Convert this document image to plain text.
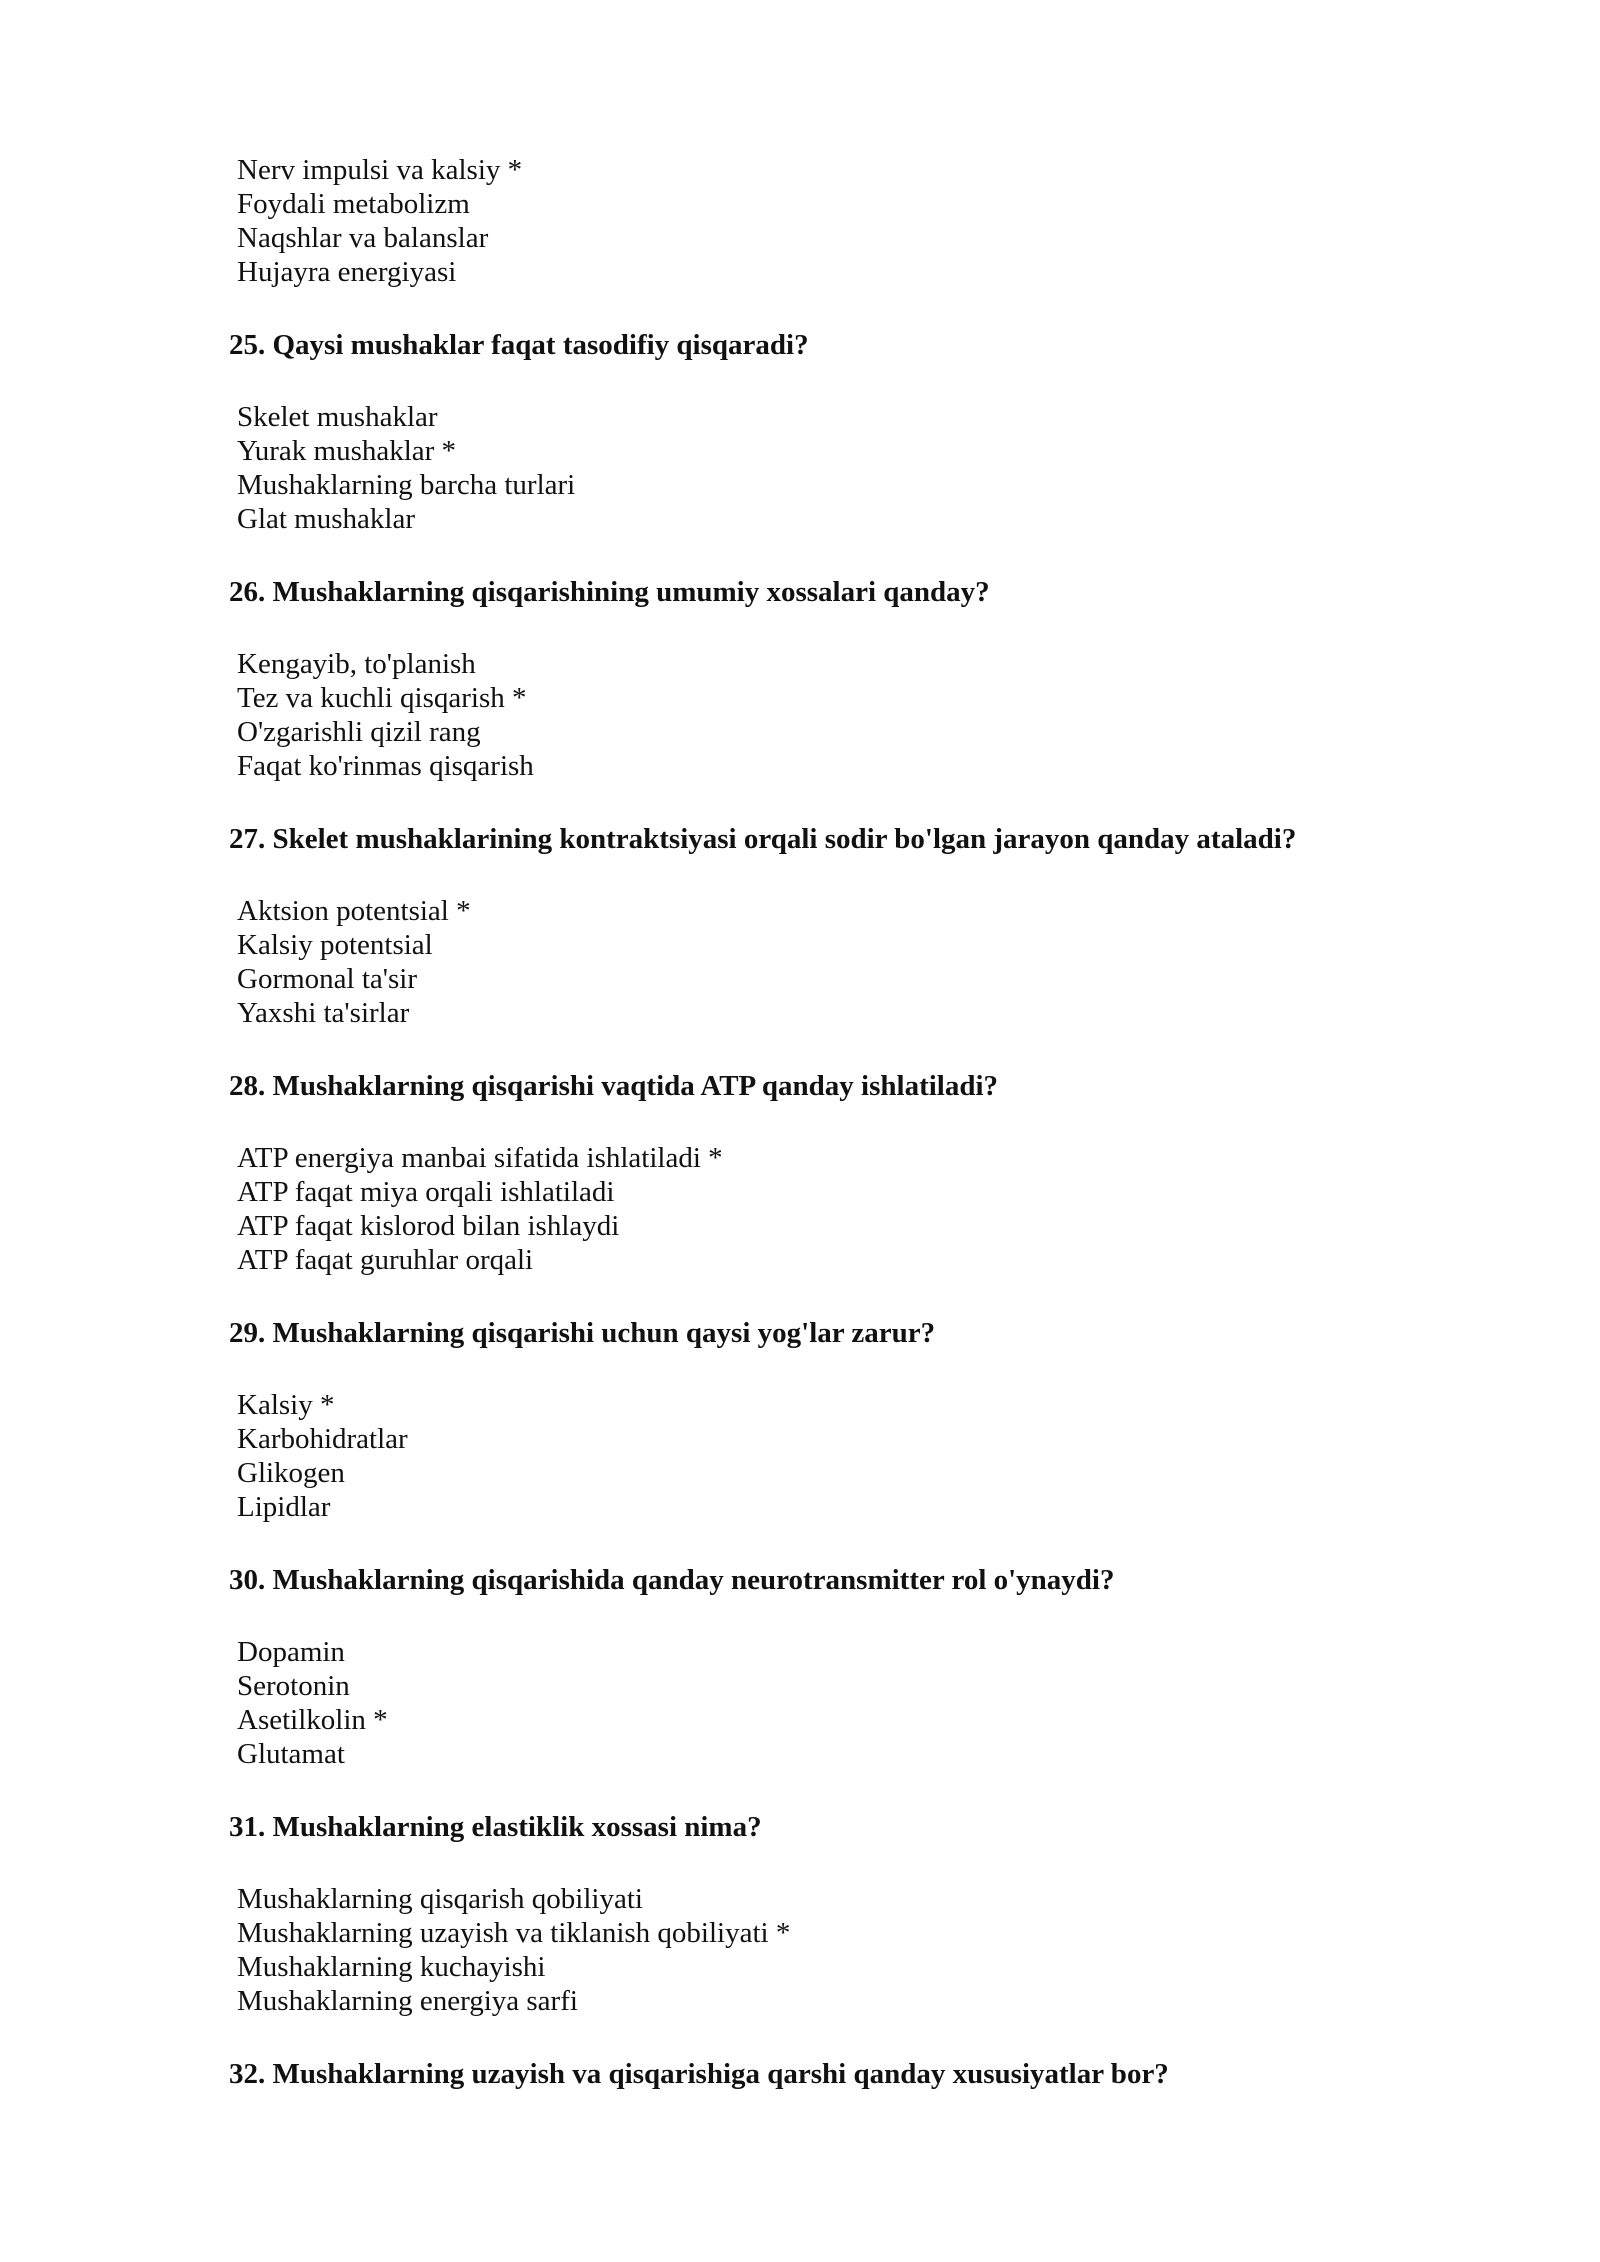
Nerv impulsi va kalsiy *
Foydali metabolizm
Naqshlar va balanslar
Hujayra energiyasi
25. Qaysi mushaklar faqat tasodifiy qisqaradi?
Skelet mushaklar
Yurak mushaklar *
Mushaklarning barcha turlari
Glat mushaklar
26. Mushaklarning qisqarishining umumiy xossalari qanday?
Kengayib, to'planish
Tez va kuchli qisqarish *
O'zgarishli qizil rang
Faqat ko'rinmas qisqarish
27. Skelet mushaklarining kontraktsiyasi orqali sodir bo'lgan jarayon qanday ataladi?
Aktsion potentsial *
Kalsiy potentsial
Gormonal ta'sir
Yaxshi ta'sirlar
28. Mushaklarning qisqarishi vaqtida ATP qanday ishlatiladi?
ATP energiya manbai sifatida ishlatiladi *
ATP faqat miya orqali ishlatiladi
ATP faqat kislorod bilan ishlaydi
ATP faqat guruhlar orqali
29. Mushaklarning qisqarishi uchun qaysi yog'lar zarur?
Kalsiy *
Karbohidratlar
Glikogen
Lipidlar
30. Mushaklarning qisqarishida qanday neurotransmitter rol o'ynaydi?
Dopamin
Serotonin
Asetilkolin *
Glutamat
31. Mushaklarning elastiklik xossasi nima?
Mushaklarning qisqarish qobiliyati
Mushaklarning uzayish va tiklanish qobiliyati *
Mushaklarning kuchayishi
Mushaklarning energiya sarfi
32. Mushaklarning uzayish va qisqarishiga qarshi qanday xususiyatlar bor?
